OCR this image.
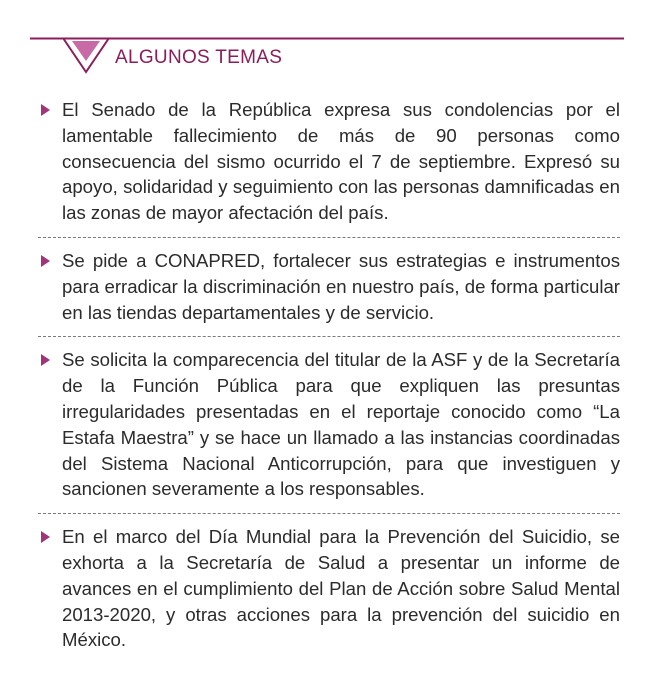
ALGUNOS TEMAS
El Senado de la República expresa sus condolencias por el lamentable fallecimiento de más de 90 personas como consecuencia del sismo ocurrido el 7 de septiembre. Expresó su apoyo, solidaridad y seguimiento con las personas damnificadas en las zonas de mayor afectación del país.
Se pide a CONAPRED, fortalecer sus estrategias e instrumentos para erradicar la discriminación en nuestro país, de forma particular en las tiendas departamentales y de servicio.
Se solicita la comparecencia del titular de la ASF y de la Secretaría de la Función Pública para que expliquen las presuntas irregularidades presentadas en el reportaje conocido como “La Estafa Maestra” y se hace un llamado a las instancias coordinadas del Sistema Nacional Anticorrupción, para que investiguen y sancionen severamente a los responsables.
En el marco del Día Mundial para la Prevención del Suicidio, se exhorta a la Secretaría de Salud a presentar un informe de avances en el cumplimiento del Plan de Acción sobre Salud Mental 2013-2020, y otras acciones para la prevención del suicidio en México.
